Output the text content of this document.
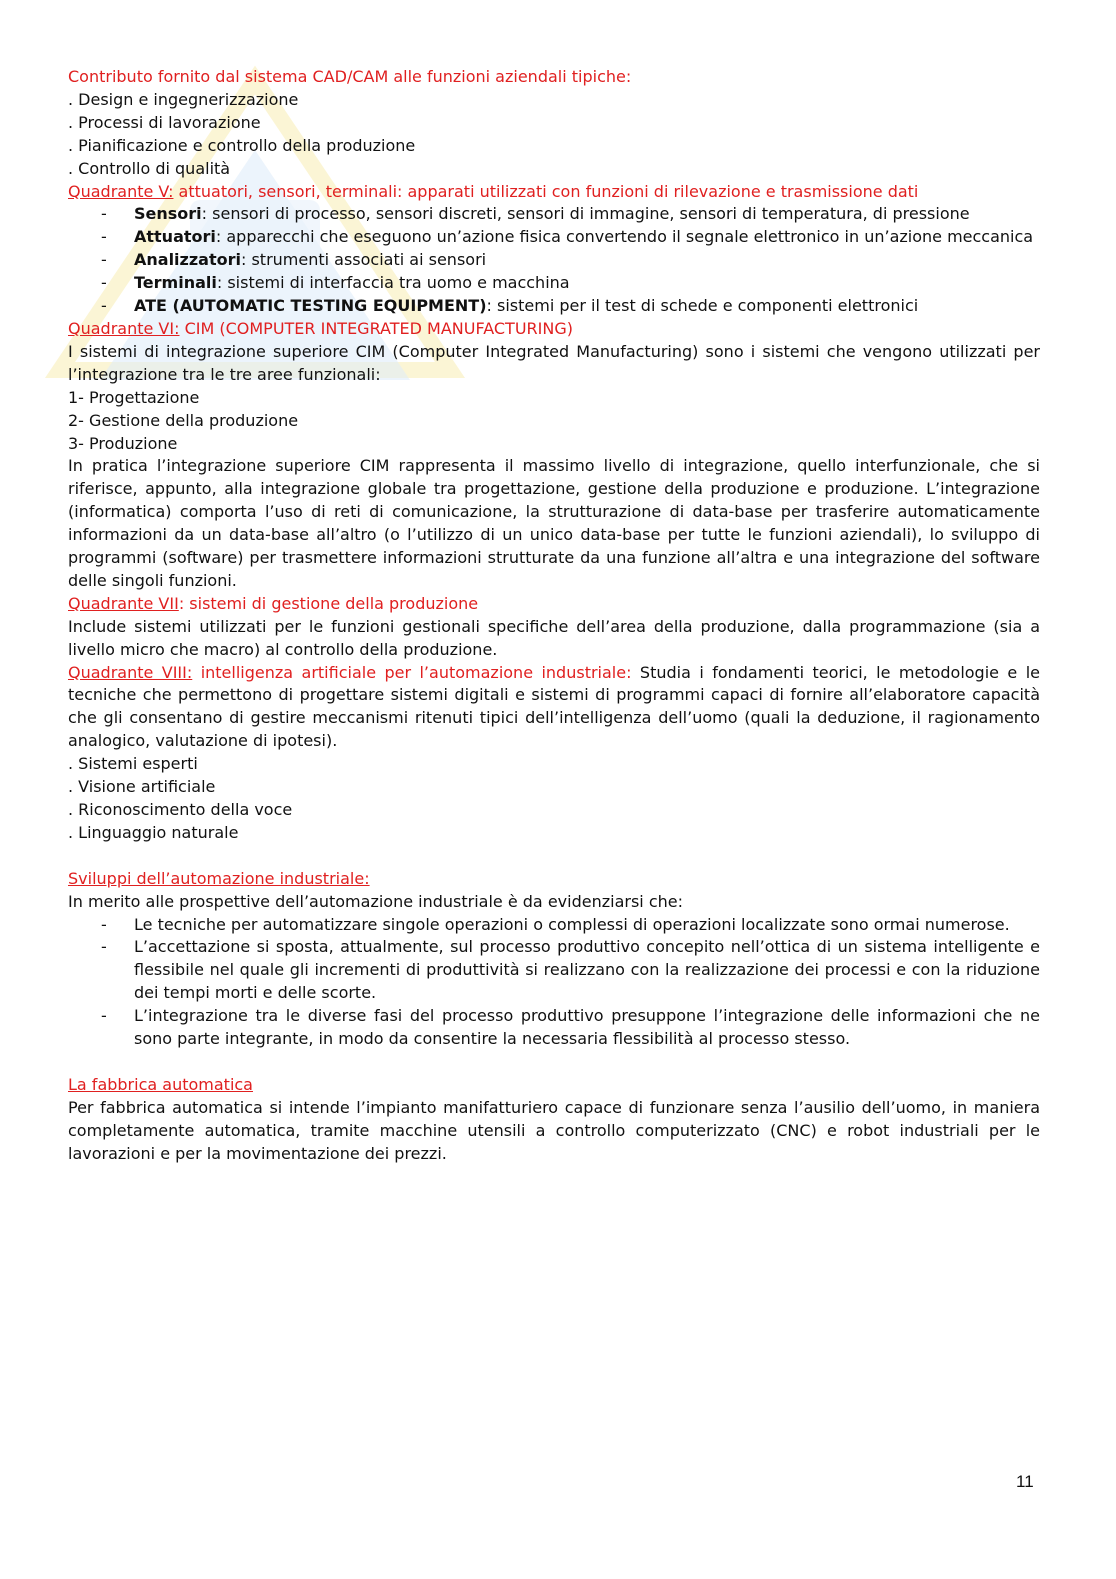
Contributo fornito dal sistema CAD/CAM alle funzioni aziendali tipiche:

. Design e ingegnerizzazione

. Processi di lavorazione

. Pianificazione e controllo della produzione

. Controllo di qualità

Quadrante V: attuatori, sensori, terminali: apparati utilizzati con funzioni di rilevazione e trasmissione dati

- Sensori: sensori di processo, sensori discreti, sensori di immagine, sensori di temperatura, di pressione
- Attuatori: apparecchi che eseguono un’azione fisica convertendo il segnale elettronico in un’azione meccanica
- Analizzatori: strumenti associati ai sensori
- Terminali: sistemi di interfaccia tra uomo e macchina
- ATE (AUTOMATIC TESTING EQUIPMENT): sistemi per il test di schede e componenti elettronici

Quadrante VI: CIM (COMPUTER INTEGRATED MANUFACTURING)

I sistemi di integrazione superiore CIM (Computer Integrated Manufacturing) sono i sistemi che vengono utilizzati per l’integrazione tra le tre aree funzionali:

1- Progettazione

2- Gestione della produzione

3- Produzione

In pratica l’integrazione superiore CIM rappresenta il massimo livello di integrazione, quello interfunzionale, che si riferisce, appunto, alla integrazione globale tra progettazione, gestione della produzione e produzione. L’integrazione (informatica) comporta l’uso di reti di comunicazione, la strutturazione di data-base per trasferire automaticamente informazioni da un data-base all’altro (o l’utilizzo di un unico data-base per tutte le funzioni aziendali), lo sviluppo di programmi (software) per trasmettere informazioni strutturate da una funzione all’altra e una integrazione del software delle singoli funzioni.

Quadrante VII: sistemi di gestione della produzione

Include sistemi utilizzati per le funzioni gestionali specifiche dell’area della produzione, dalla programmazione (sia a livello micro che macro) al controllo della produzione.

Quadrante VIII: intelligenza artificiale per l’automazione industriale: Studia i fondamenti teorici, le metodologie e le tecniche che permettono di progettare sistemi digitali e sistemi di programmi capaci di fornire all’elaboratore capacità che gli consentano di gestire meccanismi ritenuti tipici dell’intelligenza dell’uomo (quali la deduzione, il ragionamento analogico, valutazione di ipotesi).

. Sistemi esperti

. Visione artificiale

. Riconoscimento della voce

. Linguaggio naturale

Sviluppi dell’automazione industriale:

In merito alle prospettive dell’automazione industriale è da evidenziarsi che:

- Le tecniche per automatizzare singole operazioni o complessi di operazioni localizzate sono ormai numerose.
- L’accettazione si sposta, attualmente, sul processo produttivo concepito nell’ottica di un sistema intelligente e flessibile nel quale gli incrementi di produttività si realizzano con la realizzazione dei processi e con la riduzione dei tempi morti e delle scorte.
- L’integrazione tra le diverse fasi del processo produttivo presuppone l’integrazione delle informazioni che ne sono parte integrante, in modo da consentire la necessaria flessibilità al processo stesso.

La fabbrica automatica

Per fabbrica automatica si intende l’impianto manifatturiero capace di funzionare senza l’ausilio dell’uomo, in maniera completamente automatica, tramite macchine utensili a controllo computerizzato (CNC) e robot industriali per le lavorazioni e per la movimentazione dei prezzi.

11
